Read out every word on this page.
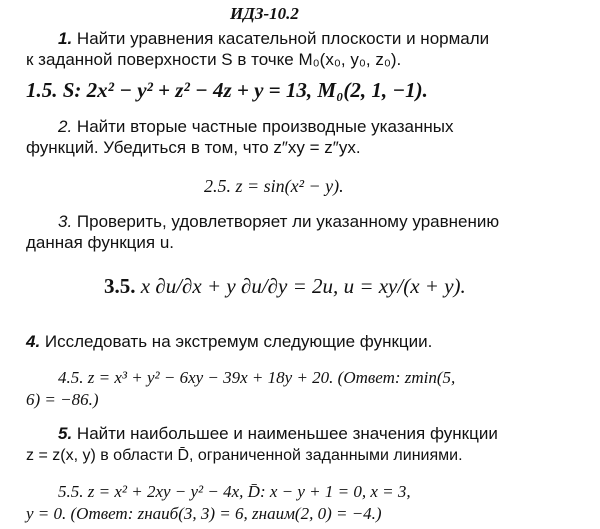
ИДЗ-10.2
1. Найти уравнения касательной плоскости и нормали
к заданной поверхности S в точке M₀(x₀, y₀, z₀).
1.5. S: 2x² − y² + z² − 4z + y = 13, M₀(2, 1, −1).
2. Найти вторые частные производные указанных
функций. Убедиться в том, что z″xy = z″yx.
2.5. z = sin(x² − y).
3. Проверить, удовлетворяет ли указанному уравнению
данная функция u.
3.5. x ∂u/∂x + y ∂u/∂y = 2u, u = xy/(x + y).
4. Исследовать на экстремум следующие функции.
4.5. z = x³ + y² − 6xy − 39x + 18y + 20. (Ответ: zmin(5,
6) = −86.)
5. Найти наибольшее и наименьшее значения функции
z = z(x, y) в области D̄, ограниченной заданными линиями.
5.5. z = x² + 2xy − y² − 4x, D̄: x − y + 1 = 0, x = 3,
y = 0. (Ответ: zнаиб(3, 3) = 6, zнаим(2, 0) = −4.)
